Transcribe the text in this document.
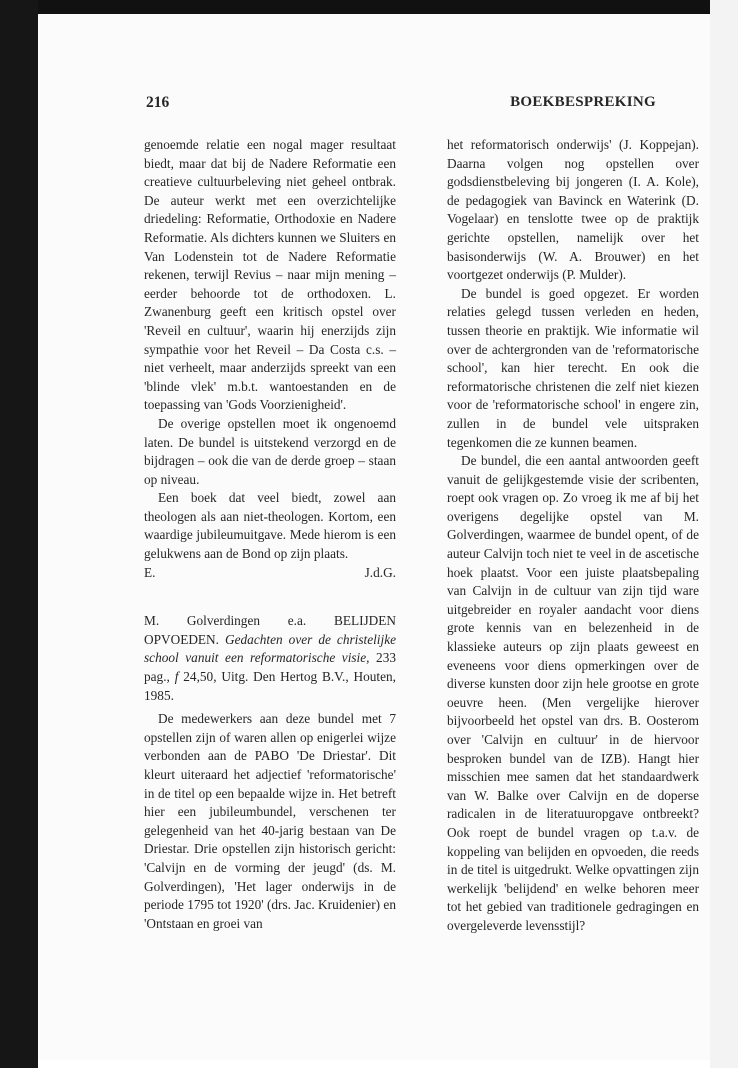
216	BOEKBESPREKING

genoemde relatie een nogal mager resultaat biedt, maar dat bij de Nadere Reformatie een creatieve cultuurbeleving niet geheel ontbrak. De auteur werkt met een overzichtelijke driedeling: Reformatie, Orthodoxie en Nadere Reformatie. Als dichters kunnen we Sluiters en Van Lodenstein tot de Nadere Reformatie rekenen, terwijl Revius – naar mijn mening – eerder behoorde tot de orthodoxen. L. Zwanenburg geeft een kritisch opstel over 'Reveil en cultuur', waarin hij enerzijds zijn sympathie voor het Reveil – Da Costa c.s. – niet verheelt, maar anderzijds spreekt van een 'blinde vlek' m.b.t. wantoestanden en de toepassing van 'Gods Voorzienigheid'.

De overige opstellen moet ik ongenoemd laten. De bundel is uitstekend verzorgd en de bijdragen – ook die van de derde groep – staan op niveau.

Een boek dat veel biedt, zowel aan theologen als aan niet-theologen. Kortom, een waardige jubileumuitgave. Mede hierom is een gelukwens aan de Bond op zijn plaats.

E.	J.d.G.

M. Golverdingen e.a. BELIJDEN OPVOEDEN. Gedachten over de christelijke school vanuit een reformatorische visie, 233 pag., f 24,50, Uitg. Den Hertog B.V., Houten, 1985.

De medewerkers aan deze bundel met 7 opstellen zijn of waren allen op enigerlei wijze verbonden aan de PABO 'De Driestar'. Dit kleurt uiteraard het adjectief 'reformatorische' in de titel op een bepaalde wijze in. Het betreft hier een jubileumbundel, verschenen ter gelegenheid van het 40-jarig bestaan van De Driestar. Drie opstellen zijn historisch gericht: 'Calvijn en de vorming der jeugd' (ds. M. Golverdingen), 'Het lager onderwijs in de periode 1795 tot 1920' (drs. Jac. Kruidenier) en 'Ontstaan en groei van

het reformatorisch onderwijs' (J. Koppejan). Daarna volgen nog opstellen over godsdienstbeleving bij jongeren (I. A. Kole), de pedagogiek van Bavinck en Waterink (D. Vogelaar) en tenslotte twee op de praktijk gerichte opstellen, namelijk over het basisonderwijs (W. A. Brouwer) en het voortgezet onderwijs (P. Mulder).

De bundel is goed opgezet. Er worden relaties gelegd tussen verleden en heden, tussen theorie en praktijk. Wie informatie wil over de achtergronden van de 'reformatorische school', kan hier terecht. En ook die reformatorische christenen die zelf niet kiezen voor de 'reformatorische school' in engere zin, zullen in de bundel vele uitspraken tegenkomen die ze kunnen beamen.

De bundel, die een aantal antwoorden geeft vanuit de gelijkgestemde visie der scribenten, roept ook vragen op. Zo vroeg ik me af bij het overigens degelijke opstel van M. Golverdingen, waarmee de bundel opent, of de auteur Calvijn toch niet te veel in de ascetische hoek plaatst. Voor een juiste plaatsbepaling van Calvijn in de cultuur van zijn tijd ware uitgebreider en royaler aandacht voor diens grote kennis van en belezenheid in de klassieke auteurs op zijn plaats geweest en eveneens voor diens opmerkingen over de diverse kunsten door zijn hele grootse en grote oeuvre heen. (Men vergelijke hierover bijvoorbeeld het opstel van drs. B. Oosterom over 'Calvijn en cultuur' in de hiervoor besproken bundel van de IZB). Hangt hier misschien mee samen dat het standaardwerk van W. Balke over Calvijn en de doperse radicalen in de literatuuropgave ontbreekt? Ook roept de bundel vragen op t.a.v. de koppeling van belijden en opvoeden, die reeds in de titel is uitgedrukt. Welke opvattingen zijn werkelijk 'belijdend' en welke behoren meer tot het gebied van traditionele gedragingen en overgeleverde levensstijl?
